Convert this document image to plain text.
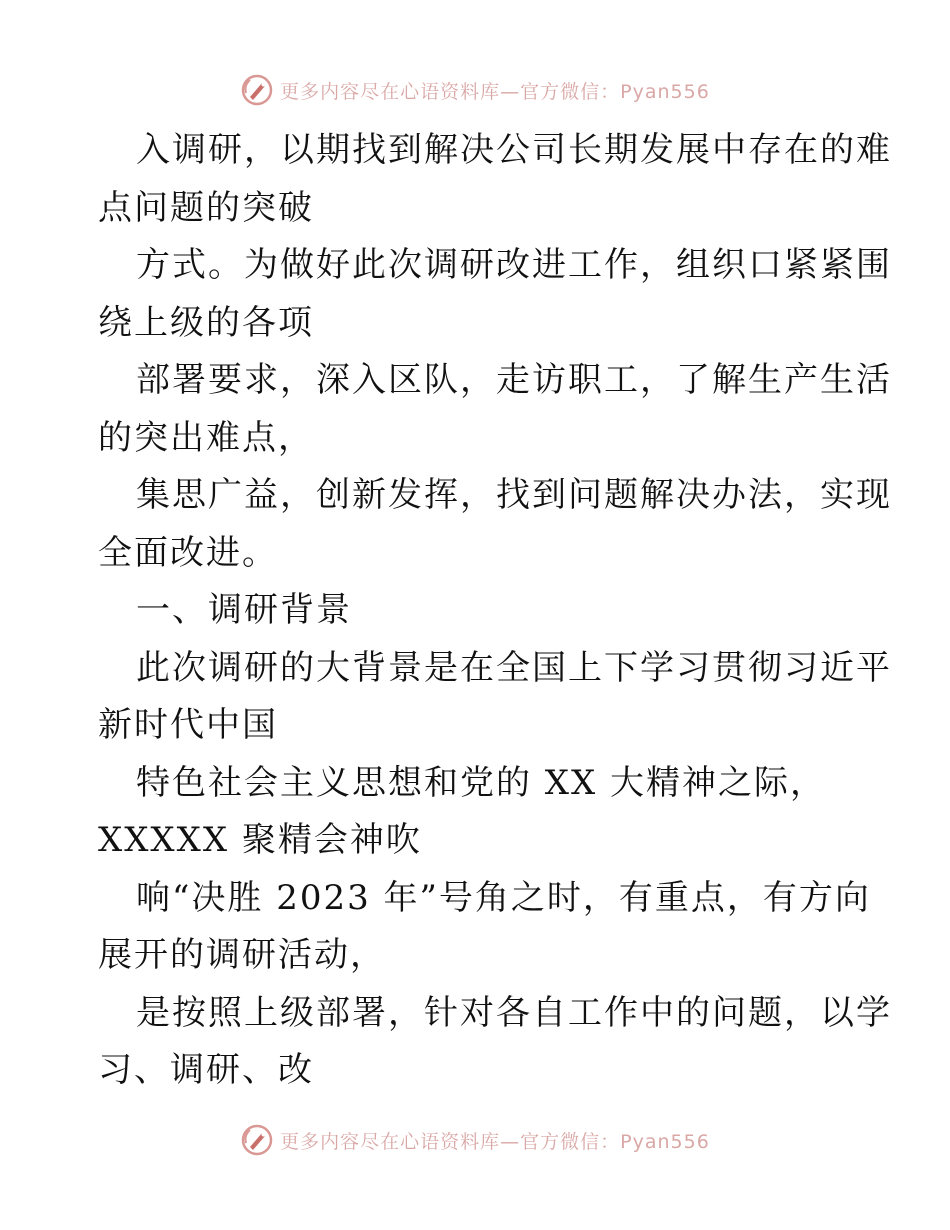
更多内容尽在心语资料库—官方微信：Pyan556
入调研，以期找到解决公司长期发展中存在的难
点问题的突破
方式。为做好此次调研改进工作，组织口紧紧围
绕上级的各项
部署要求，深入区队，走访职工，了解生产生活
的突出难点，
集思广益，创新发挥，找到问题解决办法，实现
全面改进。
一、调研背景
此次调研的大背景是在全国上下学习贯彻习近平
新时代中国
特色社会主义思想和党的 XX 大精神之际，
XXXXX 聚精会神吹
响“决胜 2023 年”号角之时，有重点，有方向
展开的调研活动，
是按照上级部署，针对各自工作中的问题，以学
习、调研、改
更多内容尽在心语资料库—官方微信：Pyan556
